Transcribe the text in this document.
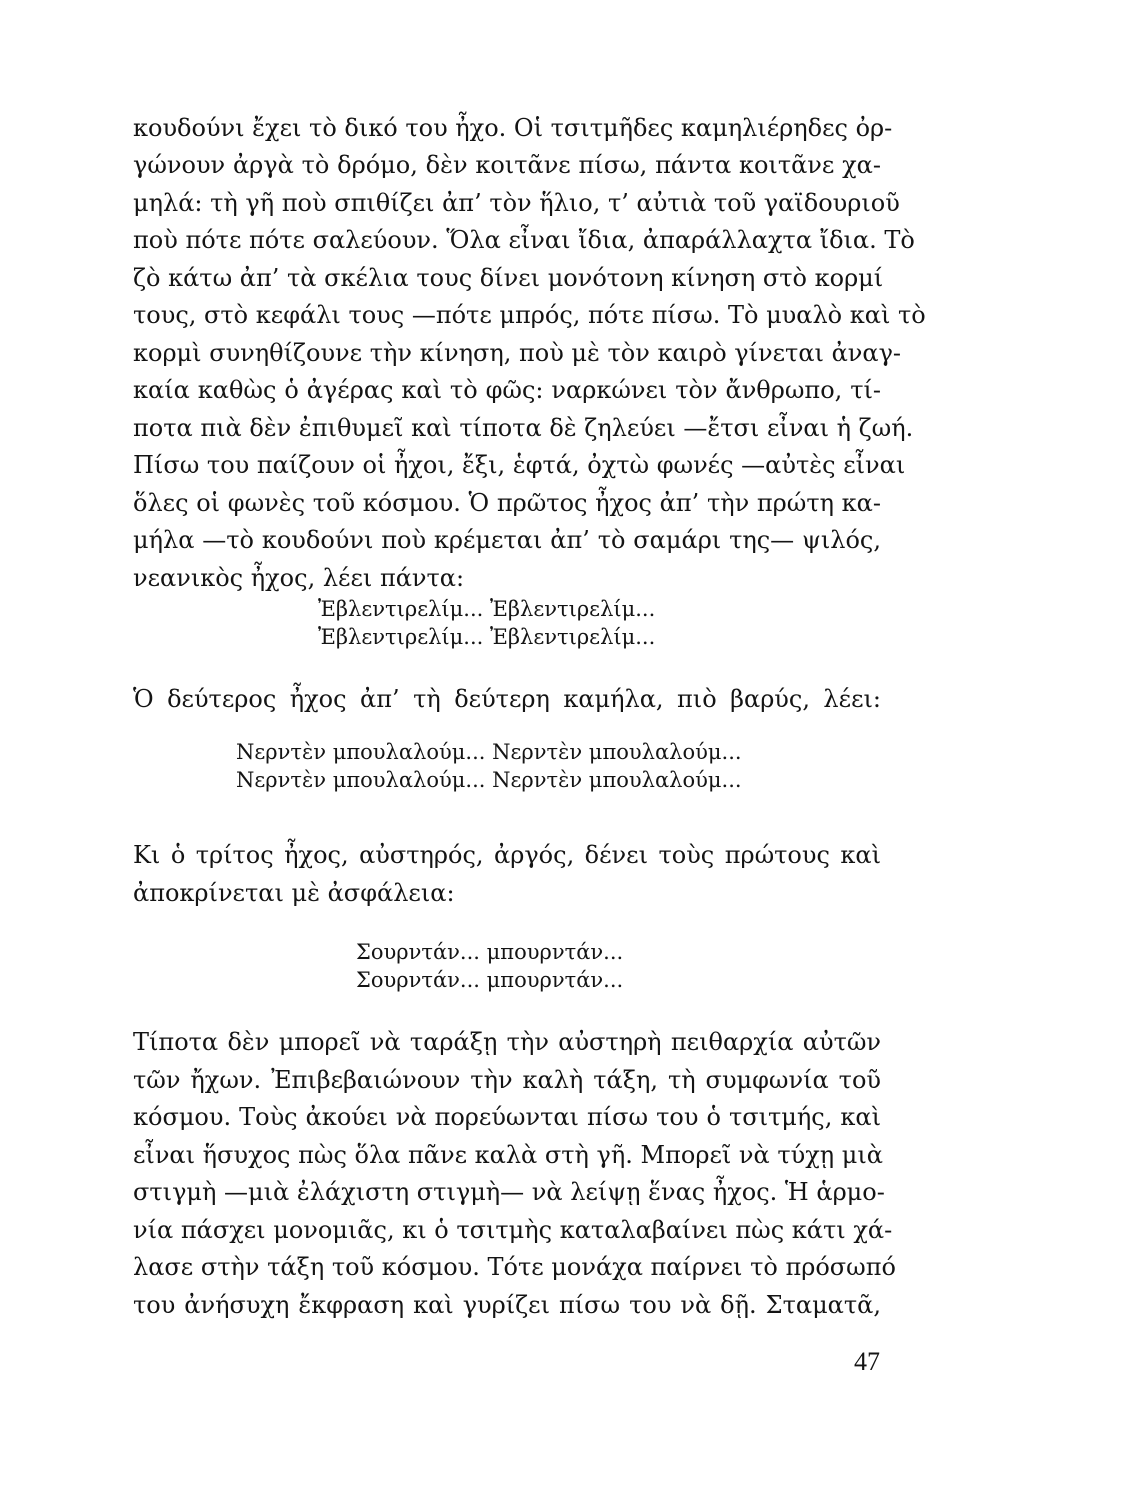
κουδούνι ἔχει τὸ δικό του ἦχο. Οἱ τσιτμῆδες καμηλιέρηδες ὀρ-

γώνουν ἀργὰ τὸ δρόμο, δὲν κοιτᾶνε πίσω, πάντα κοιτᾶνε χα-

μηλά: τὴ γῆ ποὺ σπιθίζει ἀπ’ τὸν ἥλιο, τ’ αὐτιὰ τοῦ γαϊδουριοῦ

ποὺ πότε πότε σαλεύουν. Ὅλα εἶναι ἴδια, ἀπαράλλαχτα ἴδια. Τὸ

ζὸ κάτω ἀπ’ τὰ σκέλια τους δίνει μονότονη κίνηση στὸ κορμί

τους, στὸ κεφάλι τους —πότε μπρός, πότε πίσω. Τὸ μυαλὸ καὶ τὸ

κορμὶ συνηθίζουνε τὴν κίνηση, ποὺ μὲ τὸν καιρὸ γίνεται ἀναγ-

καία καθὼς ὁ ἀγέρας καὶ τὸ φῶς: ναρκώνει τὸν ἄνθρωπο, τί-

ποτα πιὰ δὲν ἐπιθυμεῖ καὶ τίποτα δὲ ζηλεύει —ἔτσι εἶναι ἡ ζωή.

Πίσω του παίζουν οἱ ἦχοι, ἔξι, ἑφτά, ὀχτὼ φωνές —αὐτὲς εἶναι

ὅλες οἱ φωνὲς τοῦ κόσμου. Ὁ πρῶτος ἦχος ἀπ’ τὴν πρώτη κα-

μήλα —τὸ κουδούνι ποὺ κρέμεται ἀπ’ τὸ σαμάρι της— ψιλός,

νεανικὸς ἦχος, λέει πάντα:

Ἐβλεντιρελίμ... Ἐβλεντιρελίμ...

Ἐβλεντιρελίμ... Ἐβλεντιρελίμ...

Ὁ δεύτερος ἦχος ἀπ’ τὴ δεύτερη καμήλα, πιὸ βαρύς, λέει:

Νερντὲν μπουλαλούμ... Νερντὲν μπουλαλούμ...

Νερντὲν μπουλαλούμ... Νερντὲν μπουλαλούμ...

Κι ὁ τρίτος ἦχος, αὐστηρός, ἀργός, δένει τοὺς πρώτους καὶ

ἀποκρίνεται μὲ ἀσφάλεια:

Σουρντάν... μπουρντάν...

Σουρντάν... μπουρντάν...

Τίποτα δὲν μπορεῖ νὰ ταράξῃ τὴν αὐστηρὴ πειθαρχία αὐτῶν

τῶν ἤχων. Ἐπιβεβαιώνουν τὴν καλὴ τάξη, τὴ συμφωνία τοῦ

κόσμου. Τοὺς ἀκούει νὰ πορεύωνται πίσω του ὁ τσιτμής, καὶ

εἶναι ἥσυχος πὼς ὅλα πᾶνε καλὰ στὴ γῆ. Μπορεῖ νὰ τύχῃ μιὰ

στιγμὴ —μιὰ ἐλάχιστη στιγμὴ— νὰ λείψῃ ἕνας ἦχος. Ἡ ἁρμο-

νία πάσχει μονομιᾶς, κι ὁ τσιτμὴς καταλαβαίνει πὼς κάτι χά-

λασε στὴν τάξη τοῦ κόσμου. Τότε μονάχα παίρνει τὸ πρόσωπό

του ἀνήσυχη ἔκφραση καὶ γυρίζει πίσω του νὰ δῇ. Σταματᾶ,

47
